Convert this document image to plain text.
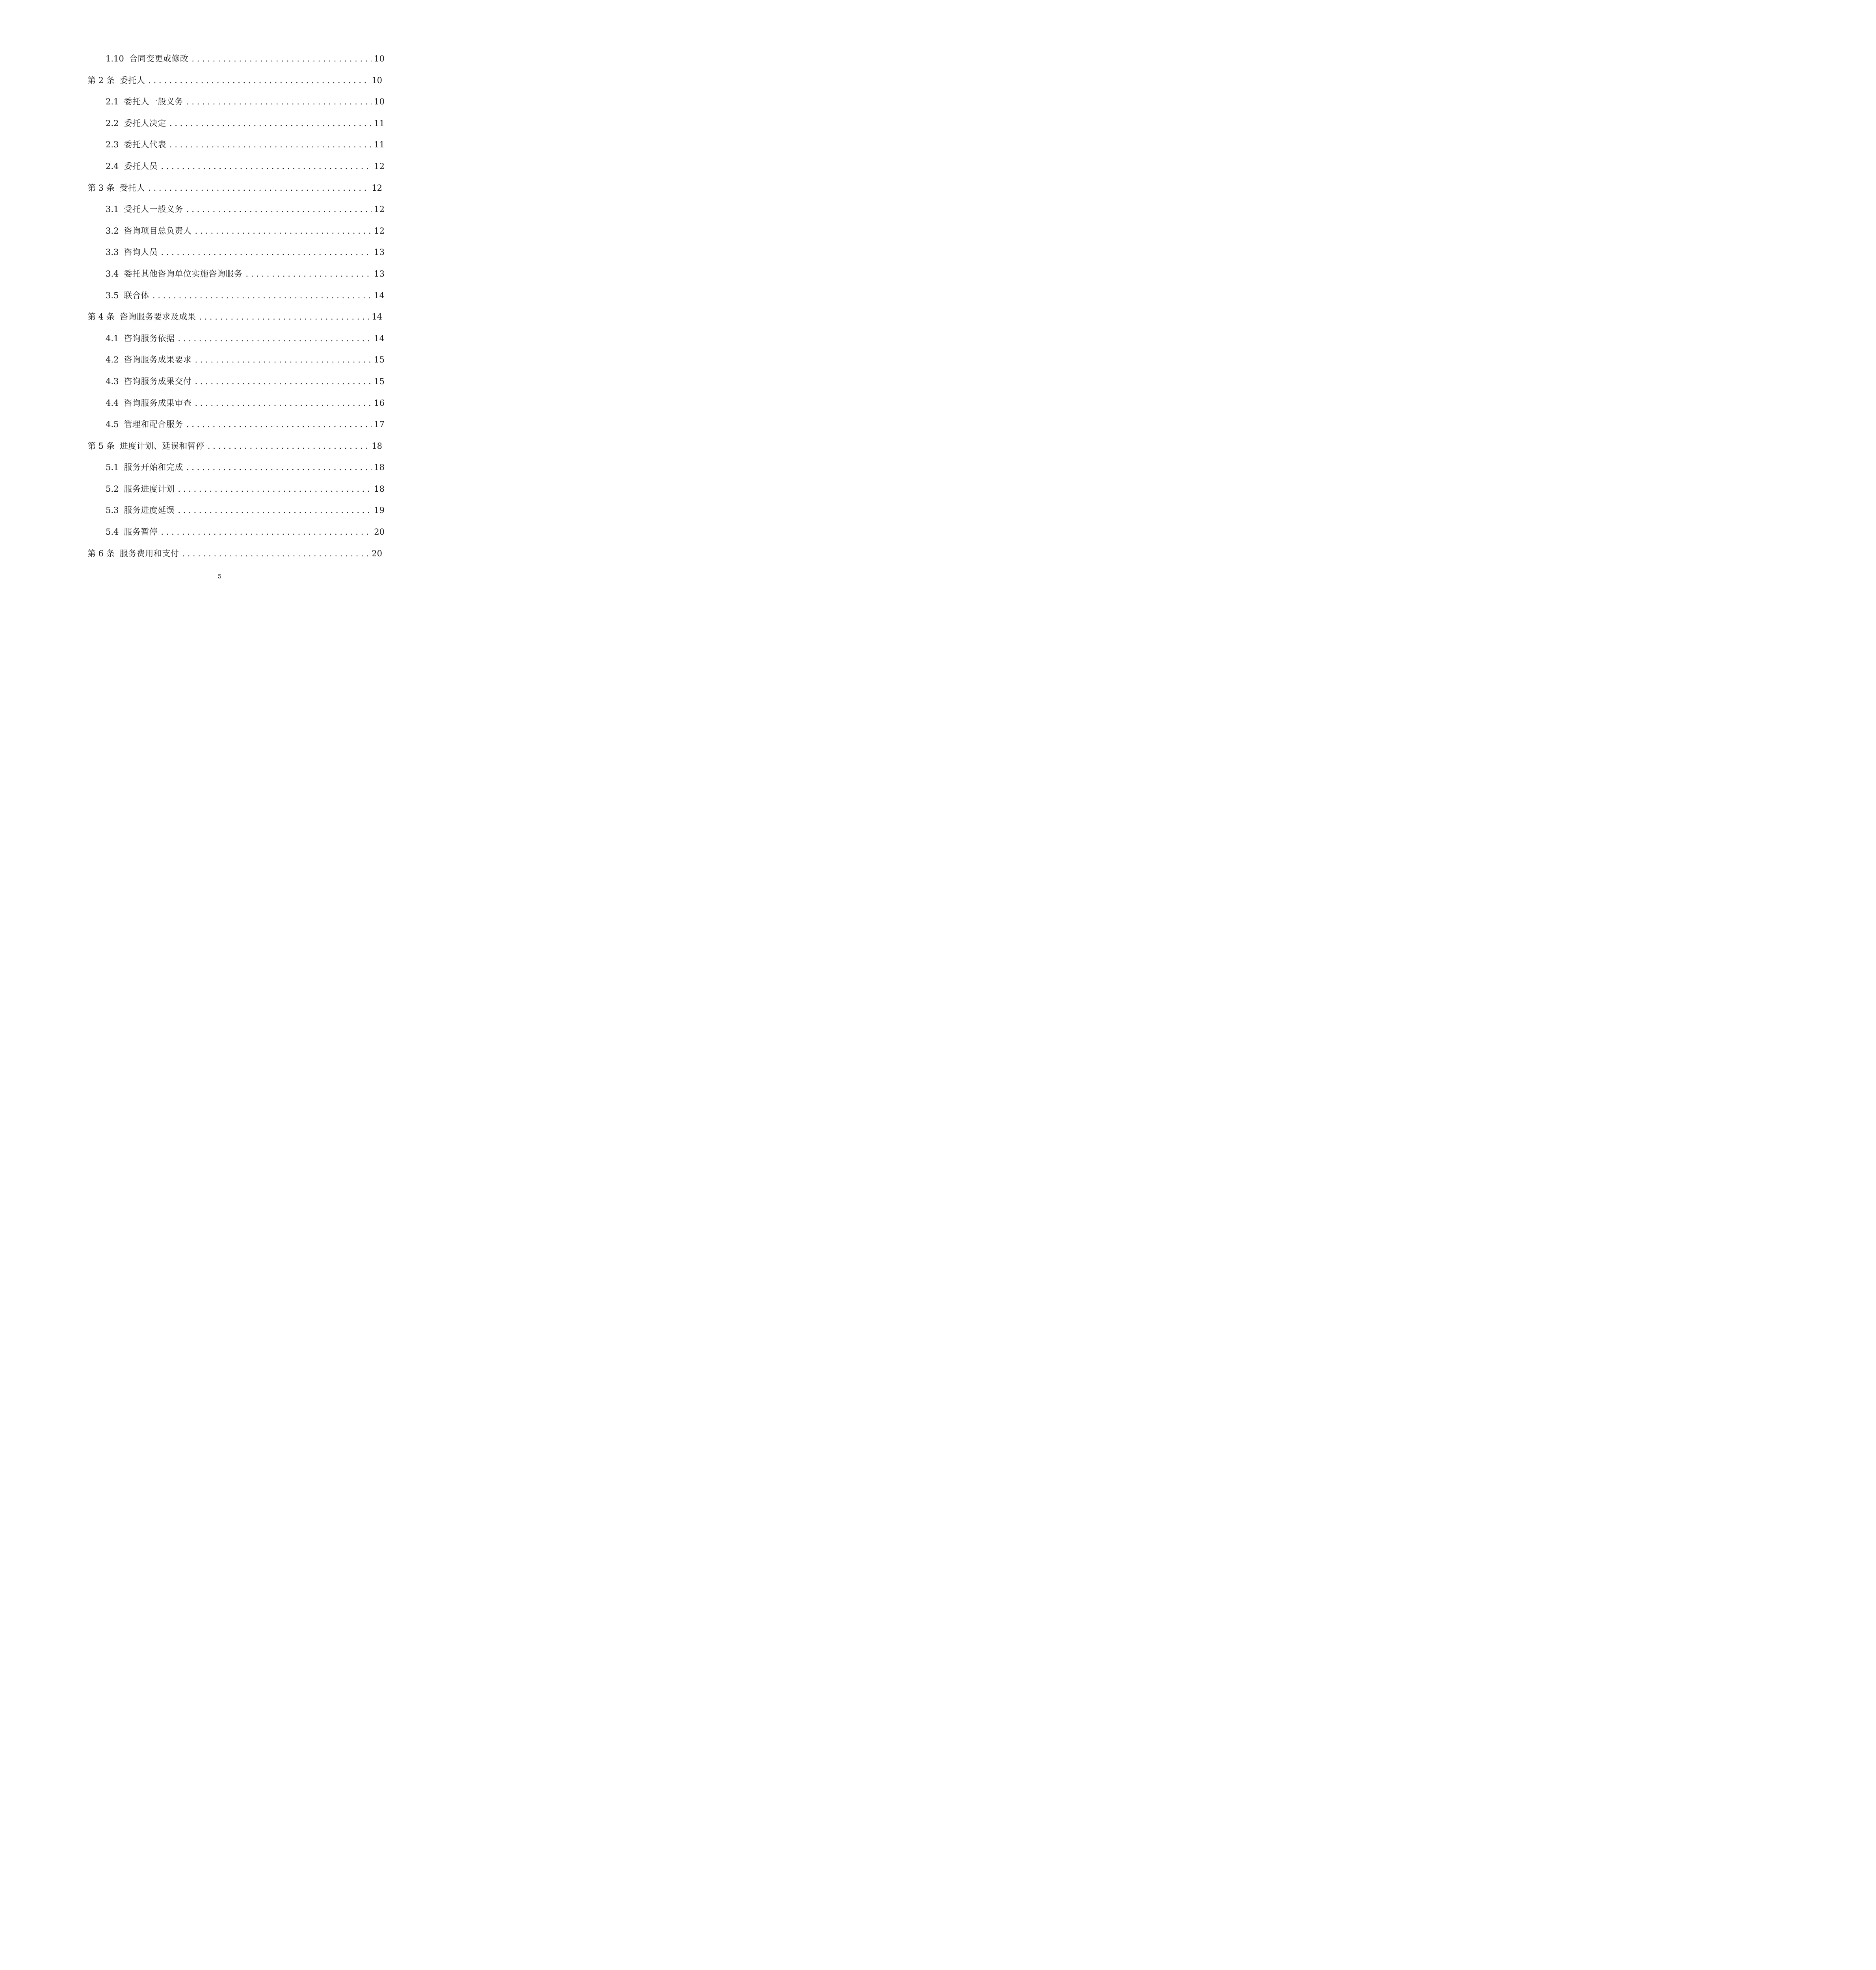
1.10 合同变更或修改 . . .	10
第 2 条 委托人 . . .	10
2.1 委托人一般义务 . . .	10
2.2 委托人决定 . . .	11
2.3 委托人代表 . . .	11
2.4 委托人员 . . .	12
第 3 条 受托人 . . .	12
3.1 受托人一般义务 . . .	12
3.2 咨询项目总负责人 . . .	12
3.3 咨询人员 . . .	13
3.4 委托其他咨询单位实施咨询服务 . . .	13
3.5 联合体 . . .	14
第 4 条 咨询服务要求及成果 . . .	14
4.1 咨询服务依据 . . .	14
4.2 咨询服务成果要求 . . .	15
4.3 咨询服务成果交付 . . .	15
4.4 咨询服务成果审查 . . .	16
4.5 管理和配合服务 . . .	17
第 5 条 进度计划、延误和暂停 . . .	18
5.1 服务开始和完成 . . .	18
5.2 服务进度计划 . . .	18
5.3 服务进度延误 . . .	19
5.4 服务暂停 . . .	20
第 6 条 服务费用和支付 . . .	20
5
